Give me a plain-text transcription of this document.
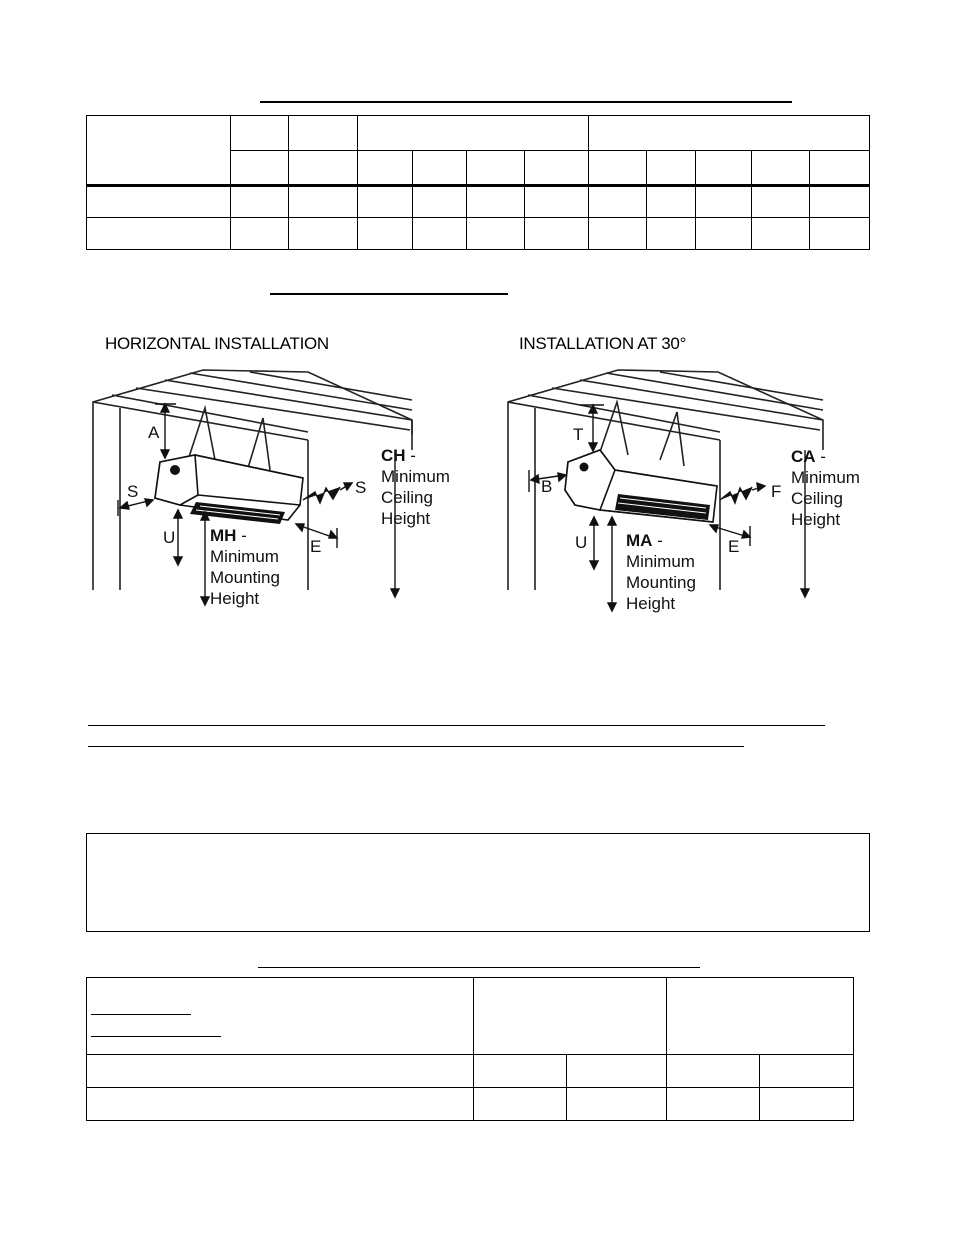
HORIZONTAL INSTALLATION	INSTALLATION AT 30°
A
S	S
U	E
MH -
Minimum
Mounting
Height
CH -
Minimum
Ceiling
Height
T
B	F
U	E
MA -
Minimum
Mounting
Height
CA -
Minimum
Ceiling
Height
